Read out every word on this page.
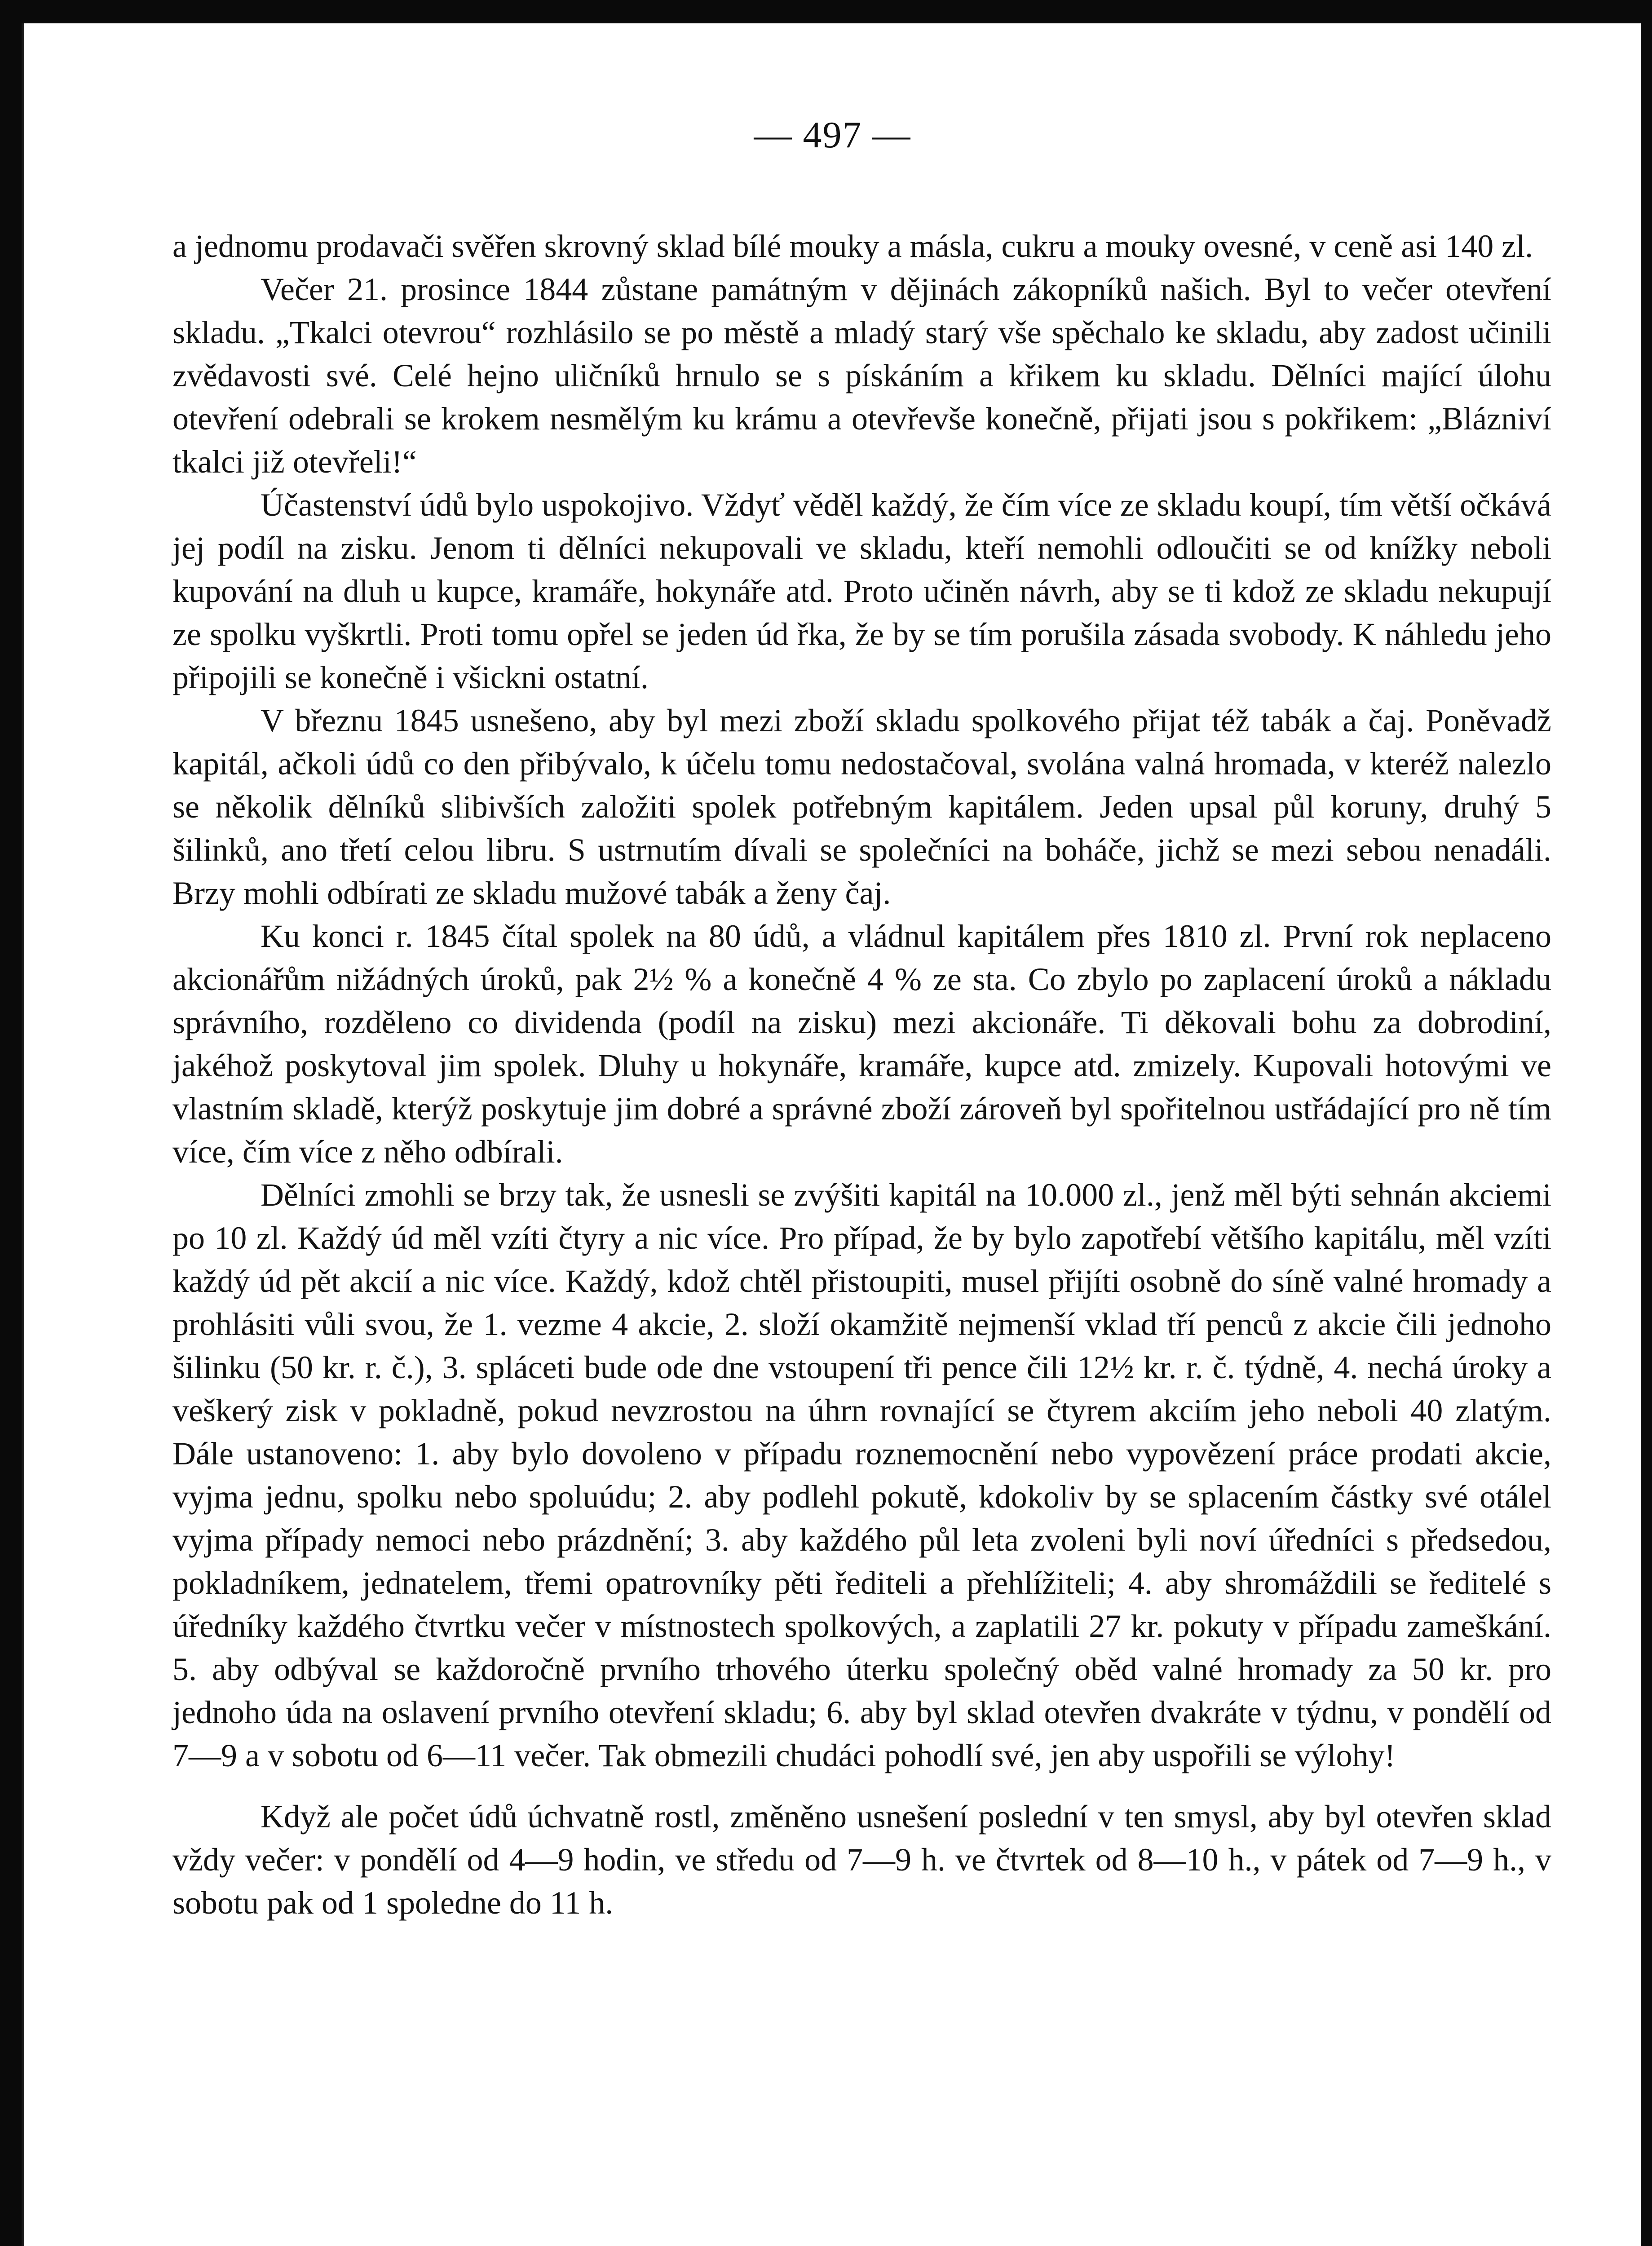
— 497 —

a jednomu prodavači svěřen skrovný sklad bílé mouky a másla, cukru a mouky ovesné, v ceně asi 140 zl.

Večer 21. prosince 1844 zůstane památným v dějinách zákopníků našich. Byl to večer otevření skladu. „Tkalci otevrou“ rozhlásilo se po městě a mladý starý vše spěchalo ke skladu, aby zadost učinili zvědavosti své. Celé hejno uličníků hrnulo se s pískáním a křikem ku skladu. Dělníci mající úlohu otevření odebrali se krokem nesmělým ku krámu a otevřevše konečně, přijati jsou s pokřikem: „Blázniví tkalci již otevřeli!“

Účastenství údů bylo uspokojivo. Vždyť věděl každý, že čím více ze skladu koupí, tím větší očkává jej podíl na zisku. Jenom ti dělníci nekupovali ve skladu, kteří nemohli odloučiti se od knížky neboli kupování na dluh u kupce, kramáře, hokynáře atd. Proto učiněn návrh, aby se ti kdož ze skladu nekupují ze spolku vyškrtli. Proti tomu opřel se jeden úd řka, že by se tím porušila zásada svobody. K náhledu jeho připojili se konečně i všickni ostatní.

V březnu 1845 usnešeno, aby byl mezi zboží skladu spolkového přijat též tabák a čaj. Poněvadž kapitál, ačkoli údů co den přibývalo, k účelu tomu nedostačoval, svolána valná hromada, v kteréž nalezlo se několik dělníků slibivších založiti spolek potřebným kapitálem. Jeden upsal půl koruny, druhý 5 šilinků, ano třetí celou libru. S ustrnutím dívali se společníci na boháče, jichž se mezi sebou nenadáli. Brzy mohli odbírati ze skladu mužové tabák a ženy čaj.

Ku konci r. 1845 čítal spolek na 80 údů, a vládnul kapitálem přes 1810 zl. První rok neplaceno akcionářům nižádných úroků, pak 2½ % a konečně 4 % ze sta. Co zbylo po zaplacení úroků a nákladu správního, rozděleno co dividenda (podíl na zisku) mezi akcionáře. Ti děkovali bohu za dobrodiní, jakéhož poskytoval jim spolek. Dluhy u hokynáře, kramáře, kupce atd. zmizely. Kupovali hotovými ve vlastním skladě, kterýž poskytuje jim dobré a správné zboží zároveň byl spořitelnou ustřádající pro ně tím více, čím více z něho odbírali.

Dělníci zmohli se brzy tak, že usnesli se zvýšiti kapitál na 10.000 zl., jenž měl býti sehnán akciemi po 10 zl. Každý úd měl vzíti čtyry a nic více. Pro případ, že by bylo zapotřebí většího kapitálu, měl vzíti každý úd pět akcií a nic více. Každý, kdož chtěl přistoupiti, musel přijíti osobně do síně valné hromady a prohlásiti vůli svou, že 1. vezme 4 akcie, 2. složí okamžitě nejmenší vklad tří penců z akcie čili jednoho šilinku (50 kr. r. č.), 3. spláceti bude ode dne vstoupení tři pence čili 12½ kr. r. č. týdně, 4. nechá úroky a veškerý zisk v pokladně, pokud nevzrostou na úhrn rovnající se čtyrem akciím jeho neboli 40 zlatým. Dále ustanoveno: 1. aby bylo dovoleno v případu roznemocnění nebo vypovězení práce prodati akcie, vyjma jednu, spolku nebo spoluúdu; 2. aby podlehl pokutě, kdokoliv by se splacením částky své otálel vyjma případy nemoci nebo prázdnění; 3. aby každého půl leta zvoleni byli noví úředníci s předsedou, pokladníkem, jednatelem, třemi opatrovníky pěti řediteli a přehlížiteli; 4. aby shromáždili se ředitelé s úředníky každého čtvrtku večer v místnostech spolkových, a zaplatili 27 kr. pokuty v případu zameškání. 5. aby odbýval se každoročně prvního trhového úterku společný oběd valné hromady za 50 kr. pro jednoho úda na oslavení prvního otevření skladu; 6. aby byl sklad otevřen dvakráte v týdnu, v pondělí od 7—9 a v sobotu od 6—11 večer. Tak obmezili chudáci pohodlí své, jen aby uspořili se výlohy!

Když ale počet údů úchvatně rostl, změněno usnešení poslední v ten smysl, aby byl otevřen sklad vždy večer: v pondělí od 4—9 hodin, ve středu od 7—9 h. ve čtvrtek od 8—10 h., v pátek od 7—9 h., v sobotu pak od 1 spoledne do 11 h.
